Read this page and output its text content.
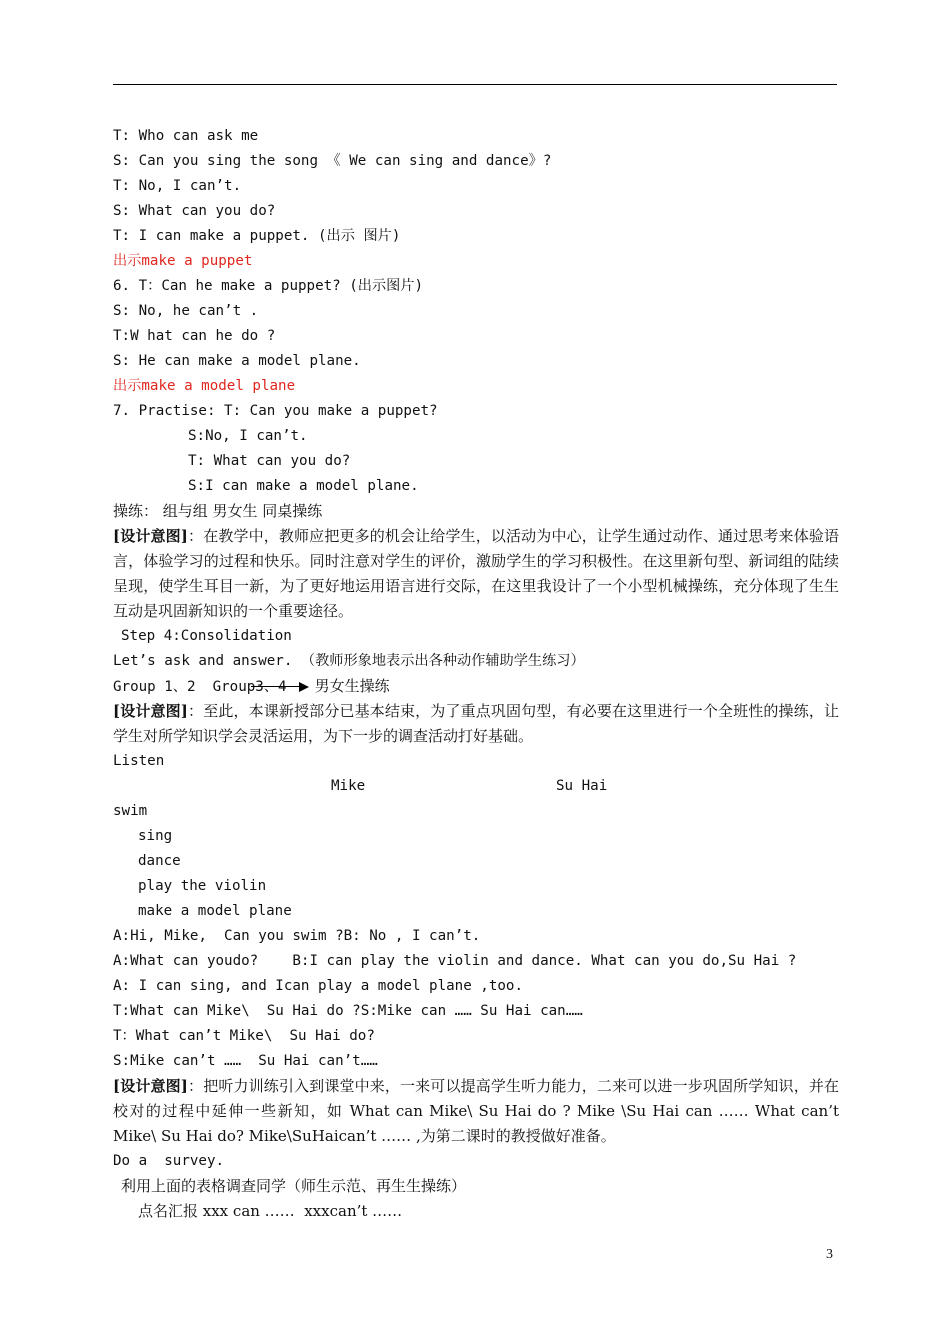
T: Who can ask me
S: Can you sing the song 《 We can sing and dance》?
T: No, I can’t.
S: What can you do?
T: I can make a puppet. (出示 图片)
出示make a puppet
6. T：Can he make a puppet? (出示图片)
S: No, he can’t .
T:W hat can he do ?
S: He can make a model plane.
出示make a model plane
7. Practise: T: Can you make a puppet?
S:No, I can’t.
T: What can you do?
S:I can make a model plane.
操练： 组与组 男女生 同桌操练
[设计意图]：在教学中，教师应把更多的机会让给学生，以活动为中心，让学生通过动作、通过思考来体验语言，体验学习的过程和快乐。同时注意对学生的评价，激励学生的学习积极性。在这里新句型、新词组的陆续呈现，使学生耳目一新，为了更好地运用语言进行交际，在这里我设计了一个小型机械操练，充分体现了生生互动是巩固新知识的一个重要途径。
Step 4:Consolidation
Let’s ask and answer. （教师形象地表示出各种动作辅助学生练习）
Group 1、2  Group3、4 男女生操练
[设计意图]：至此，本课新授部分已基本结束，为了重点巩固句型，有必要在这里进行一个全班性的操练，让学生对所学知识学会灵活运用，为下一步的调查活动打好基础。
Listen
Mike	Su Hai
swim
sing
dance
play the violin
make a model plane
A:Hi, Mike,  Can you swim ?B: No , I can’t.
A:What can youdo?    B:I can play the violin and dance. What can you do,Su Hai ?
A: I can sing, and Ican play a model plane ,too.
T:What can Mike\  Su Hai do ?S:Mike can …… Su Hai can……
T：What can’t Mike\  Su Hai do?
S:Mike can’t ……  Su Hai can’t……
[设计意图]：把听力训练引入到课堂中来，一来可以提高学生听力能力，二来可以进一步巩固所学知识，并在校对的过程中延伸一些新知，如 What can Mike\ Su Hai do ? Mike \Su Hai can …… What can’t Mike\ Su Hai do? Mike\SuHaican’t …… ,为第二课时的教授做好准备。
Do a  survey.
利用上面的表格调查同学（师生示范、再生生操练）
点名汇报 xxx can ……  xxxcan’t ……
3
